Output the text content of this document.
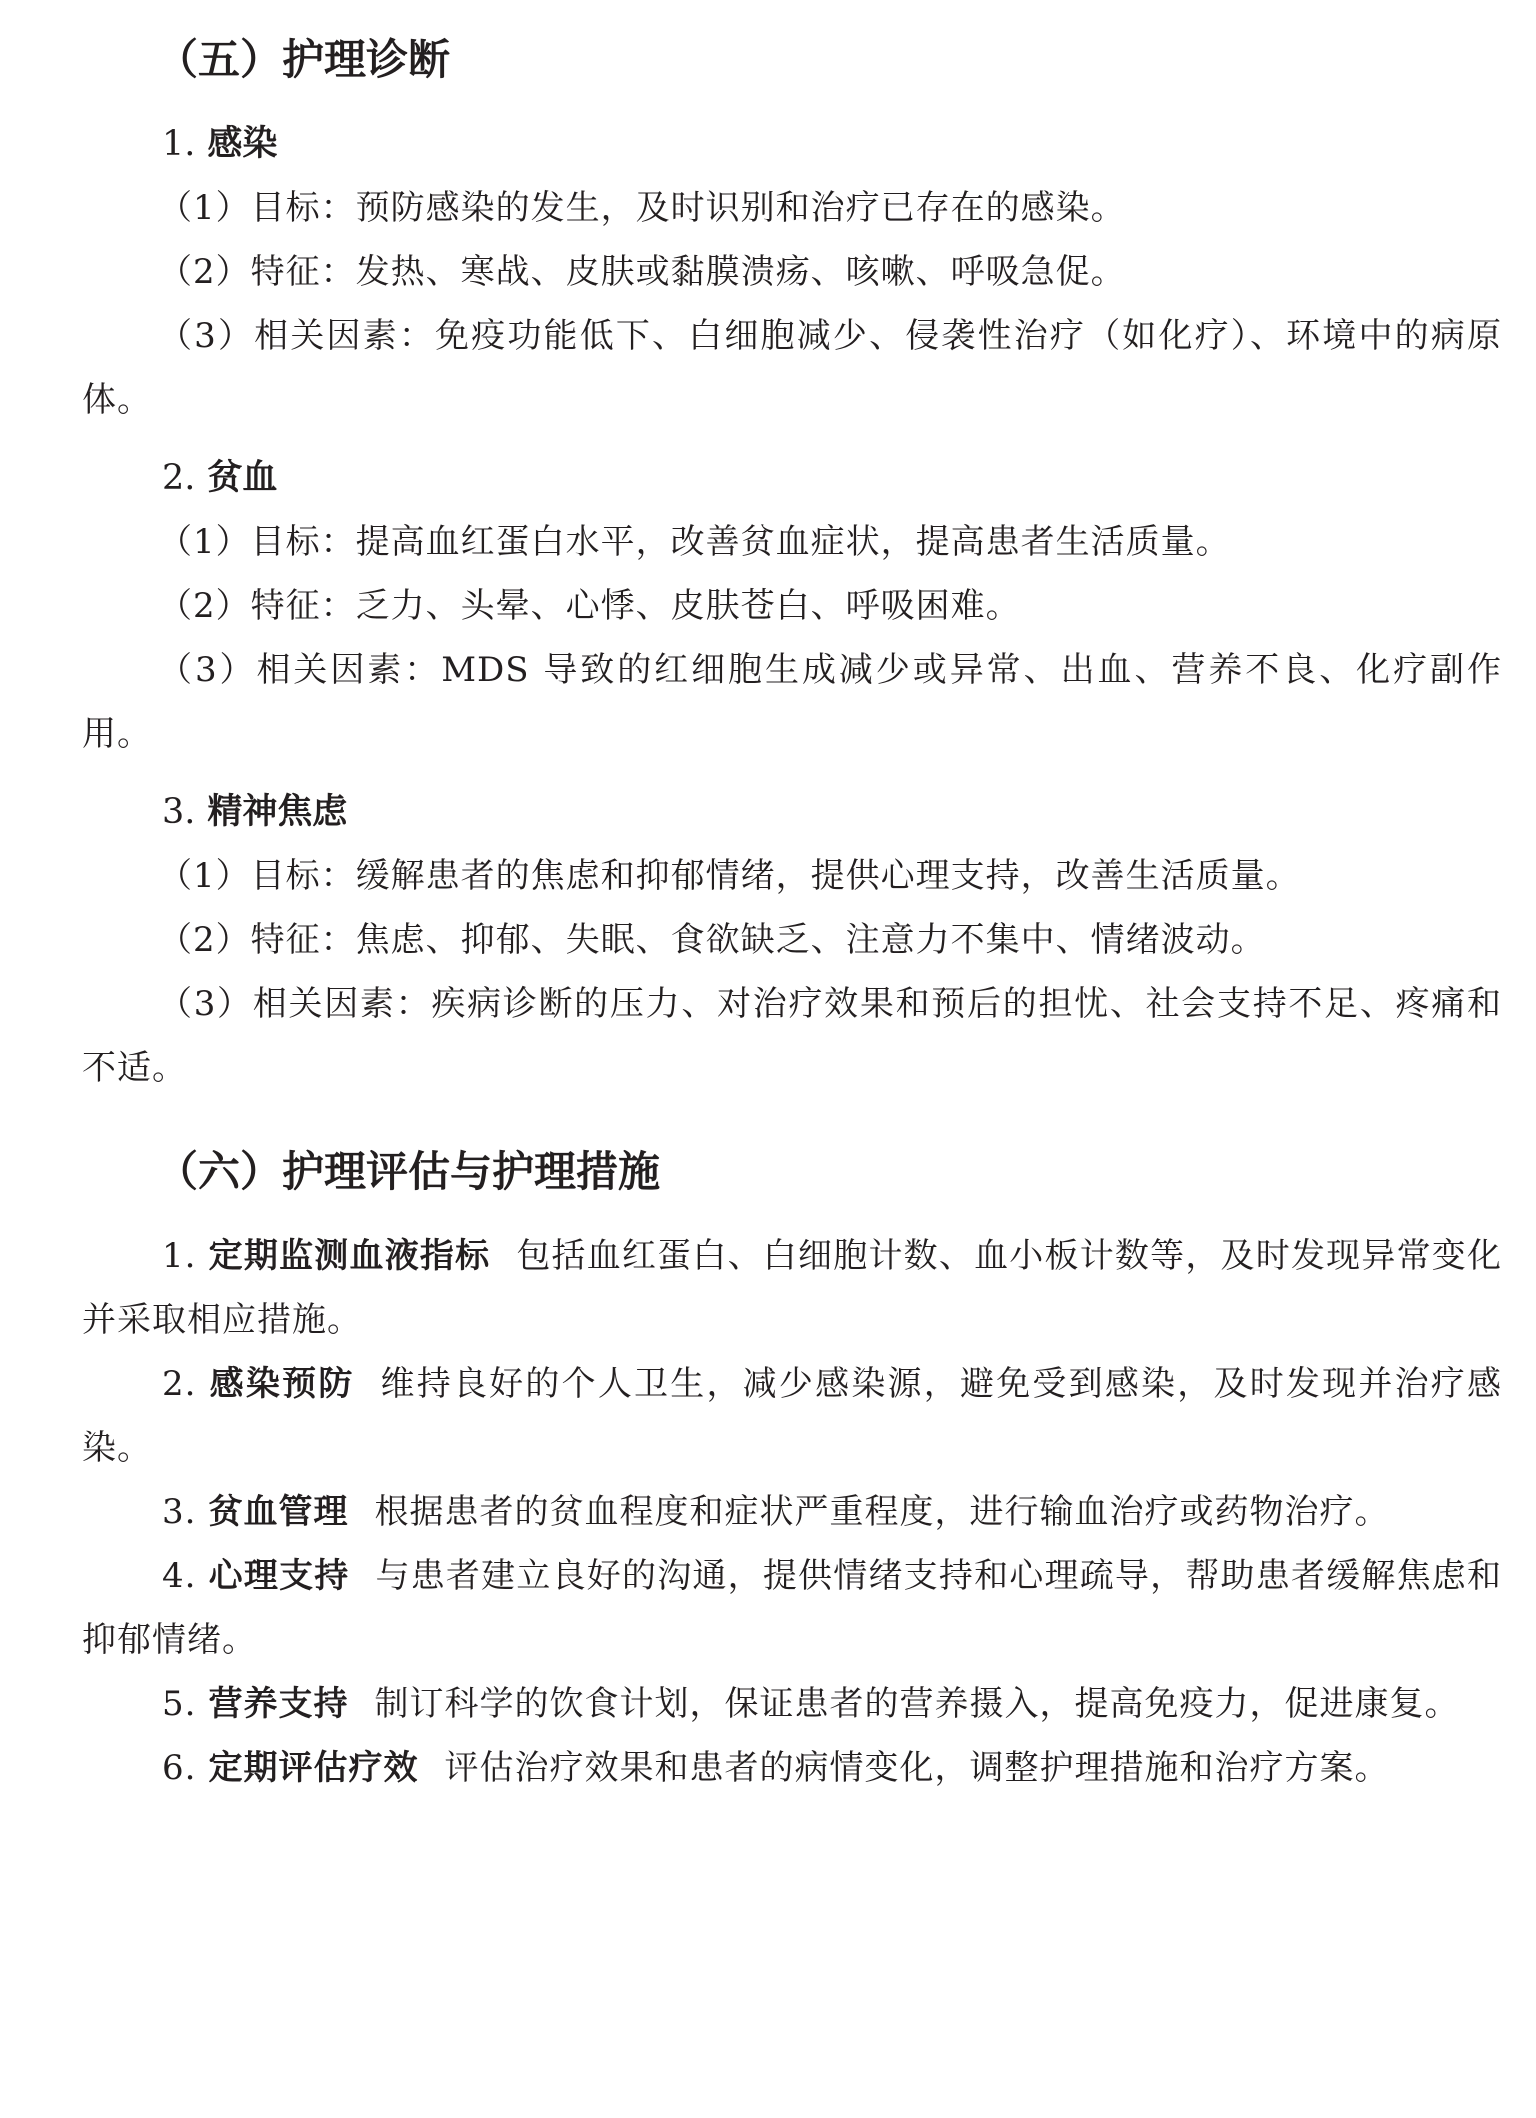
（五）护理诊断
1. 感染

（1）目标：预防感染的发生，及时识别和治疗已存在的感染。

（2）特征：发热、寒战、皮肤或黏膜溃疡、咳嗽、呼吸急促。

（3）相关因素：免疫功能低下、白细胞减少、侵袭性治疗（如化疗）、环境中的病原体。

2. 贫血

（1）目标：提高血红蛋白水平，改善贫血症状，提高患者生活质量。

（2）特征：乏力、头晕、心悸、皮肤苍白、呼吸困难。

（3）相关因素：MDS 导致的红细胞生成减少或异常、出血、营养不良、化疗副作用。

3. 精神焦虑

（1）目标：缓解患者的焦虑和抑郁情绪，提供心理支持，改善生活质量。

（2）特征：焦虑、抑郁、失眠、食欲缺乏、注意力不集中、情绪波动。

（3）相关因素：疾病诊断的压力、对治疗效果和预后的担忧、社会支持不足、疼痛和不适。

（六）护理评估与护理措施

1. 定期监测血液指标 包括血红蛋白、白细胞计数、血小板计数等，及时发现异常变化并采取相应措施。

2. 感染预防 维持良好的个人卫生，减少感染源，避免受到感染，及时发现并治疗感染。

3. 贫血管理 根据患者的贫血程度和症状严重程度，进行输血治疗或药物治疗。

4. 心理支持 与患者建立良好的沟通，提供情绪支持和心理疏导，帮助患者缓解焦虑和抑郁情绪。

5. 营养支持 制订科学的饮食计划，保证患者的营养摄入，提高免疫力，促进康复。

6. 定期评估疗效 评估治疗效果和患者的病情变化，调整护理措施和治疗方案。
